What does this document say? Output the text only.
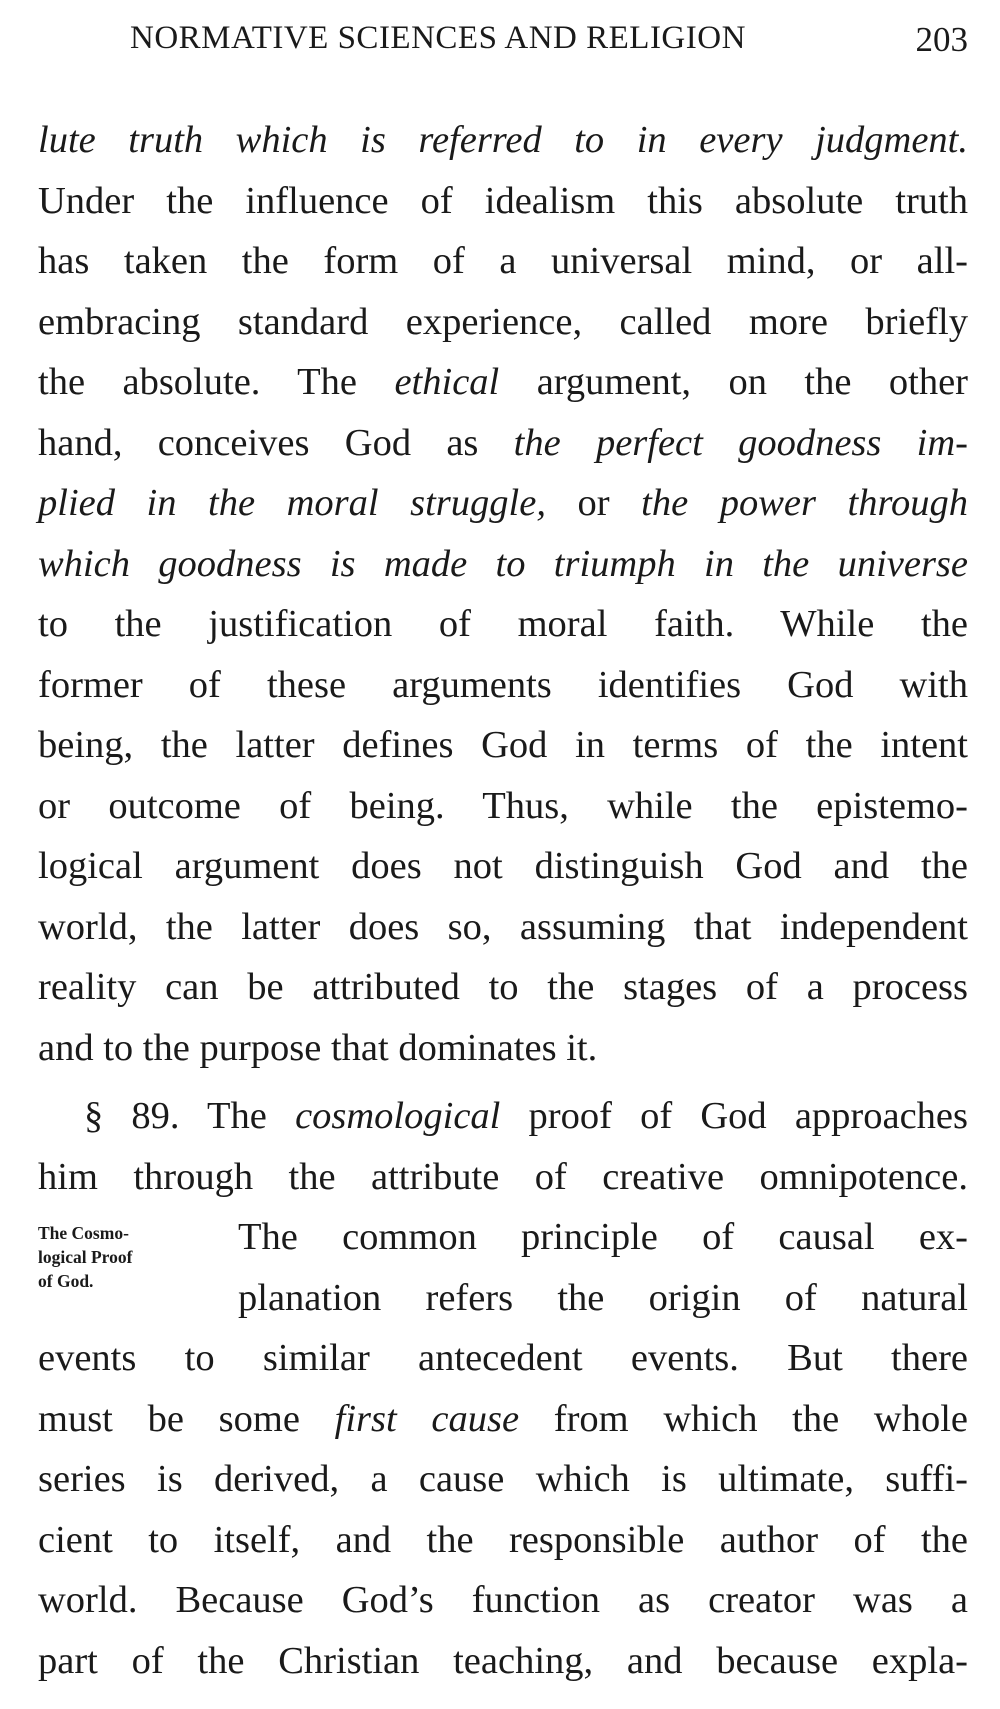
NORMATIVE SCIENCES AND RELIGION	203

lute truth which is referred to in every judgment.
Under the influence of idealism this absolute truth
has taken the form of a universal mind, or all-
embracing standard experience, called more briefly
the absolute. The ethical argument, on the other
hand, conceives God as the perfect goodness im-
plied in the moral struggle, or the power through
which goodness is made to triumph in the universe
to the justification of moral faith. While the
former of these arguments identifies God with
being, the latter defines God in terms of the intent
or outcome of being. Thus, while the epistemo-
logical argument does not distinguish God and the
world, the latter does so, assuming that independent
reality can be attributed to the stages of a process
and to the purpose that dominates it.

§ 89. The cosmological proof of God approaches
him through the attribute of creative omnipotence.
The Cosmo-
logical Proof
of God.
The common principle of causal ex-
planation refers the origin of natural
events to similar antecedent events. But there
must be some first cause from which the whole
series is derived, a cause which is ultimate, suffi-
cient to itself, and the responsible author of the
world. Because God’s function as creator was a
part of the Christian teaching, and because expla-
